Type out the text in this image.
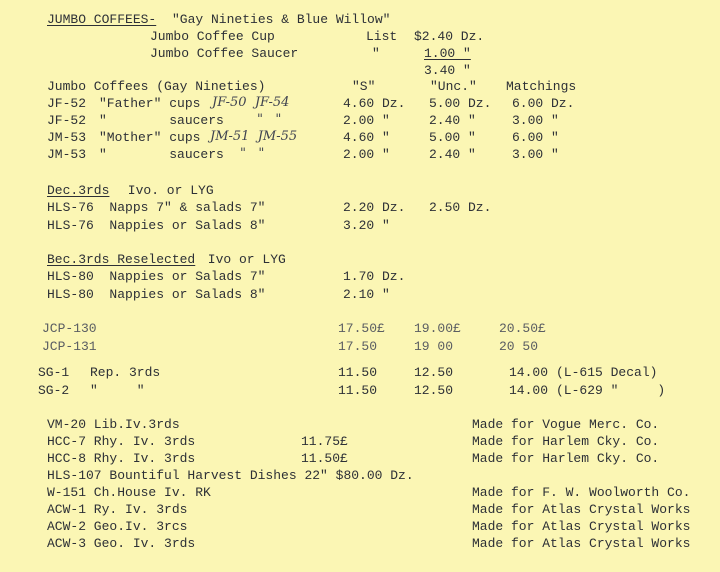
JUMBO COFFEES- "Gay Nineties & Blue Willow"
Jumbo Coffee Cup	List $2.40 Dz.
Jumbo Coffee Saucer	"	1.00 "
3.40 "
Jumbo Coffees (Gay Nineties)	"S"	"Unc." Matchings
JF-52 "Father" cups JF-50  JF-54	4.60 Dz. 5.00 Dz. 6.00 Dz.
JF-52 "        saucers	"   "	2.00 "	2.40 "	3.00 "
JM-53 "Mother" cups JM-51  JM-55	4.60 "	5.00 "	6.00 "
JM-53 "        saucers "   "	2.00 "	2.40 "	3.00 "
Dec.3rds Ivo. or LYG
HLS-76  Napps 7" & salads 7"	2.20 Dz. 2.50 Dz.
HLS-76  Nappies or Salads 8"	3.20 "
Bec.3rds Reselected Ivo or LYG
HLS-80  Nappies or Salads 7"	1.70 Dz.
HLS-80  Nappies or Salads 8"	2.10 "
JCP-130	17.50£ 19.00£	20.50£
JCP-131	17.50	19 00	20 50
SG-1 Rep. 3rds	11.50	12.50	14.00 (L-615 Decal)
SG-2 "     "	11.50	12.50	14.00 (L-629 "     )
VM-20 Lib.Iv.3rds	Made for Vogue Merc. Co.
HCC-7 Rhy. Iv. 3rds	11.75£	Made for Harlem Cky. Co.
HCC-8 Rhy. Iv. 3rds	11.50£	Made for Harlem Cky. Co.
HLS-107 Bountiful Harvest Dishes 22" $80.00 Dz.
W-151 Ch.House Iv. RK	Made for F. W. Woolworth Co.
ACW-1 Ry. Iv. 3rds	Made for Atlas Crystal Works
ACW-2 Geo.Iv. 3rcs	Made for Atlas Crystal Works
ACW-3 Geo. Iv. 3rds	Made for Atlas Crystal Works
